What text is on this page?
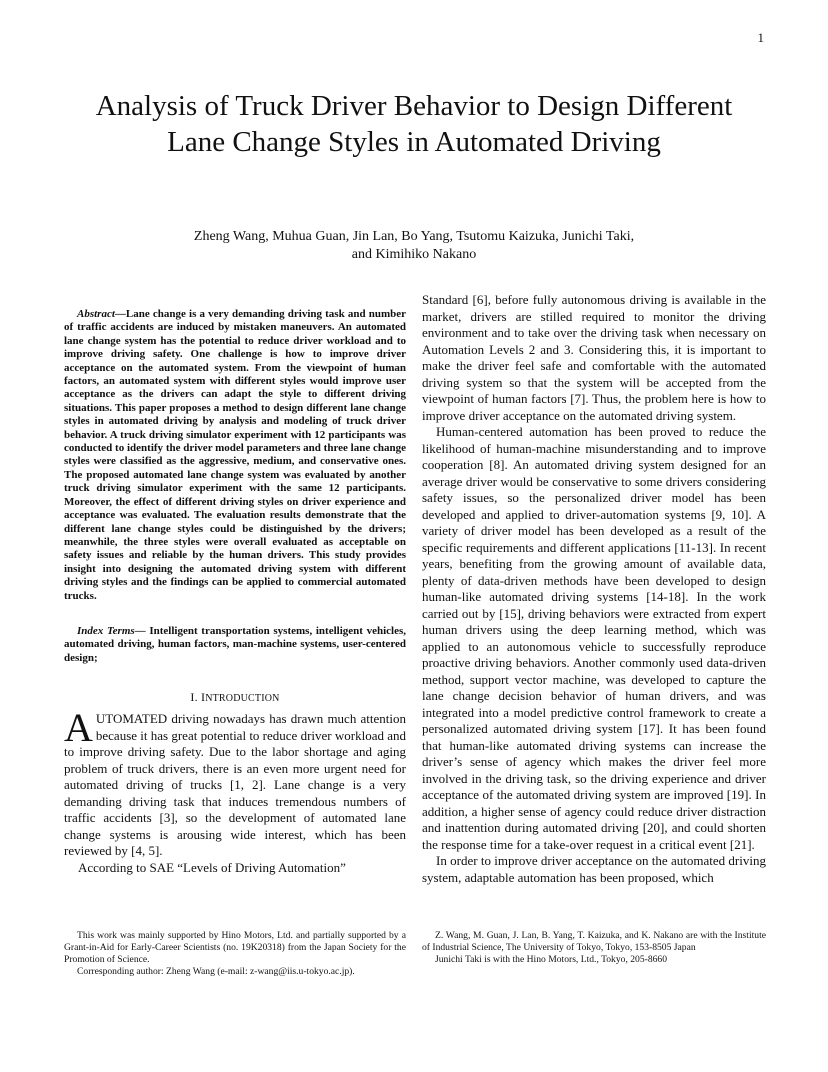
1
Analysis of Truck Driver Behavior to Design Different Lane Change Styles in Automated Driving
Zheng Wang, Muhua Guan, Jin Lan, Bo Yang, Tsutomu Kaizuka, Junichi Taki,
and Kimihiko Nakano

Abstract—Lane change is a very demanding driving task and number of traffic accidents are induced by mistaken maneuvers. An automated lane change system has the potential to reduce driver workload and to improve driving safety. One challenge is how to improve driver acceptance on the automated system. From the viewpoint of human factors, an automated system with different styles would improve user acceptance as the drivers can adapt the style to different driving situations. This paper proposes a method to design different lane change styles in automated driving by analysis and modeling of truck driver behavior. A truck driving simulator experiment with 12 participants was conducted to identify the driver model parameters and three lane change styles were classified as the aggressive, medium, and conservative ones. The proposed automated lane change system was evaluated by another truck driving simulator experiment with the same 12 participants. Moreover, the effect of different driving styles on driver experience and acceptance was evaluated. The evaluation results demonstrate that the different lane change styles could be distinguished by the drivers; meanwhile, the three styles were overall evaluated as acceptable on safety issues and reliable by the human drivers. This study provides insight into designing the automated driving system with different driving styles and the findings can be applied to commercial automated trucks.

Index Terms— Intelligent transportation systems, intelligent vehicles, automated driving, human factors, man-machine systems, user-centered design;

I. INTRODUCTION

AUTOMATED driving nowadays has drawn much attention because it has great potential to reduce driver workload and to improve driving safety. Due to the labor shortage and aging problem of truck drivers, there is an even more urgent need for automated driving of trucks [1, 2]. Lane change is a very demanding driving task that induces tremendous numbers of traffic accidents [3], so the development of automated lane change systems is arousing wide interest, which has been reviewed by [4, 5].

According to SAE “Levels of Driving Automation”

Standard [6], before fully autonomous driving is available in the market, drivers are stilled required to monitor the driving environment and to take over the driving task when necessary on Automation Levels 2 and 3. Considering this, it is important to make the driver feel safe and comfortable with the automated driving system so that the system will be accepted from the viewpoint of human factors [7]. Thus, the problem here is how to improve driver acceptance on the automated driving system.

Human-centered automation has been proved to reduce the likelihood of human-machine misunderstanding and to improve cooperation [8]. An automated driving system designed for an average driver would be conservative to some drivers considering safety issues, so the personalized driver model has been developed and applied to driver-automation systems [9, 10]. A variety of driver model has been developed as a result of the specific requirements and different applications [11-13]. In recent years, benefiting from the growing amount of available data, plenty of data-driven methods have been developed to design human-like automated driving systems [14-18]. In the work carried out by [15], driving behaviors were extracted from expert human drivers using the deep learning method, which was applied to an autonomous vehicle to successfully reproduce proactive driving behaviors. Another commonly used data-driven method, support vector machine, was developed to capture the lane change decision behavior of human drivers, and was integrated into a model predictive control framework to create a personalized automated driving system [17]. It has been found that human-like automated driving systems can increase the driver’s sense of agency which makes the driver feel more involved in the driving task, so the driving experience and driver acceptance of the automated driving system are improved [19]. In addition, a higher sense of agency could reduce driver distraction and inattention during automated driving [20], and could shorten the response time for a take-over request in a critical event [21].

In order to improve driver acceptance on the automated driving system, adaptable automation has been proposed, which

This work was mainly supported by Hino Motors, Ltd. and partially supported by a Grant-in-Aid for Early-Career Scientists (no. 19K20318) from the Japan Society for the Promotion of Science.

Corresponding author: Zheng Wang (e-mail: z-wang@iis.u-tokyo.ac.jp).

Z. Wang, M. Guan, J. Lan, B. Yang, T. Kaizuka, and K. Nakano are with the Institute of Industrial Science, The University of Tokyo, Tokyo, 153-8505 Japan

Junichi Taki is with the Hino Motors, Ltd., Tokyo, 205-8660
